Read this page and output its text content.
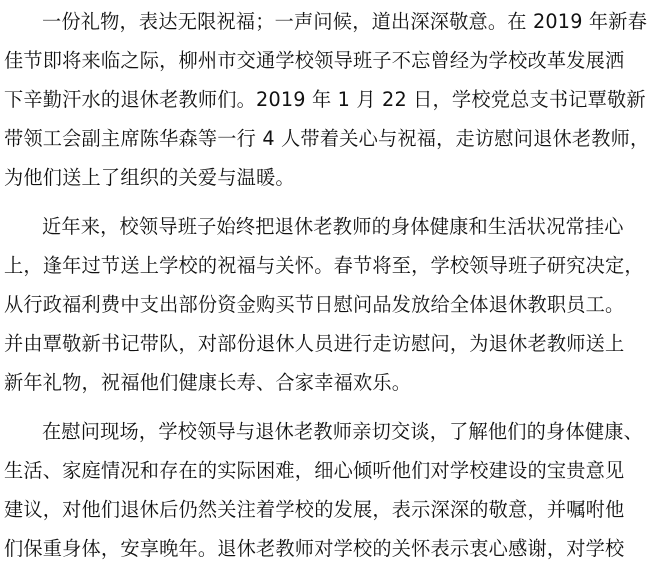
一份礼物，表达无限祝福；一声问候，道出深深敬意。在 2019 年新春
佳节即将来临之际，柳州市交通学校领导班子不忘曾经为学校改革发展洒
下辛勤汗水的退休老教师们。2019 年 1 月 22 日，学校党总支书记覃敬新
带领工会副主席陈华森等一行 4 人带着关心与祝福，走访慰问退休老教师，
为他们送上了组织的关爱与温暖。
近年来，校领导班子始终把退休老教师的身体健康和生活状况常挂心
上，逢年过节送上学校的祝福与关怀。春节将至，学校领导班子研究决定，
从行政福利费中支出部份资金购买节日慰问品发放给全体退休教职员工。
并由覃敬新书记带队，对部份退休人员进行走访慰问，为退休老教师送上
新年礼物，祝福他们健康长寿、合家幸福欢乐。
在慰问现场，学校领导与退休老教师亲切交谈，了解他们的身体健康、
生活、家庭情况和存在的实际困难，细心倾听他们对学校建设的宝贵意见
建议，对他们退休后仍然关注着学校的发展，表示深深的敬意，并嘱咐他
们保重身体，安享晚年。退休老教师对学校的关怀表示衷心感谢，对学校
